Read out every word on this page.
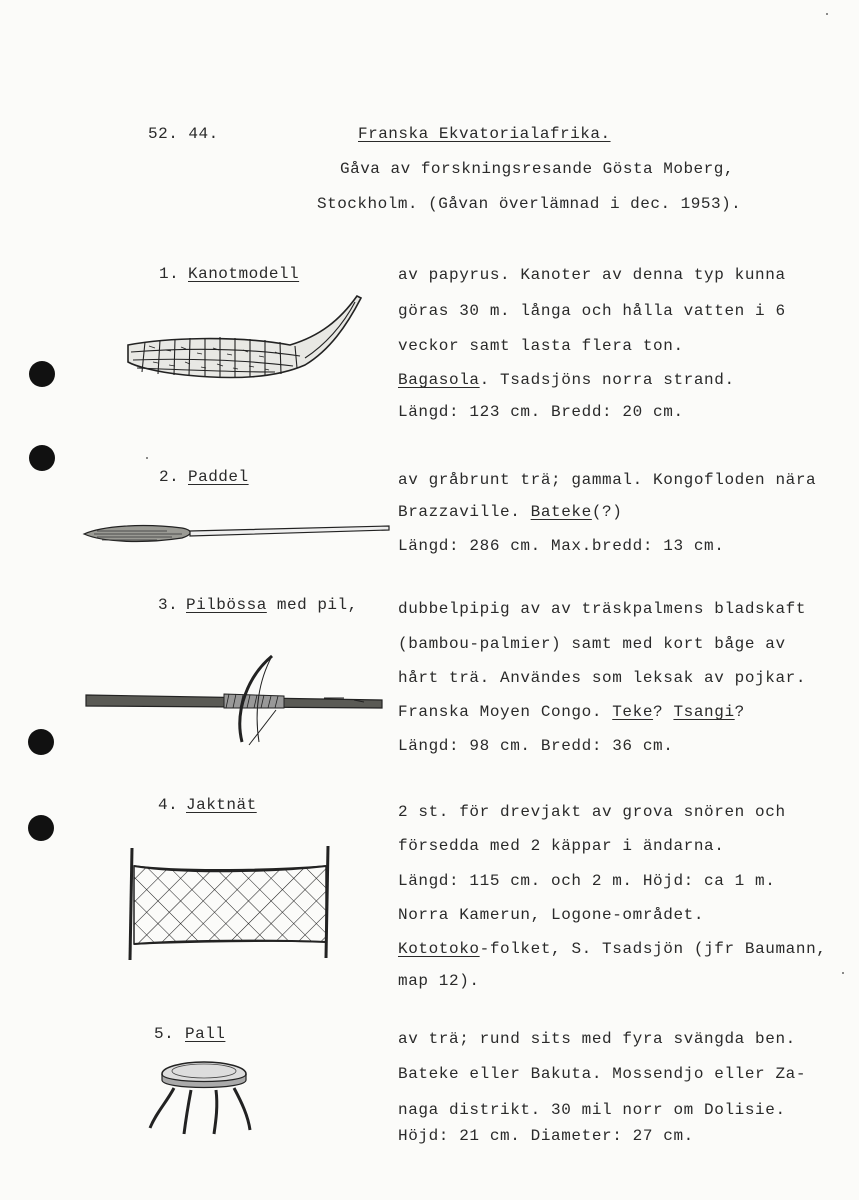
52. 44.	Franska Ekvatorialafrika.
Gåva av forskningsresande Gösta Moberg,
Stockholm. (Gåvan överlämnad i dec. 1953).
1. Kanotmodell	av papyrus. Kanoter av denna typ kunna
göras 30 m. långa och hålla vatten i 6
veckor samt lasta flera ton.
Bagasola. Tsadsjöns norra strand.
Längd: 123 cm. Bredd: 20 cm.
2. Paddel	av gråbrunt trä; gammal. Kongofloden nära
Brazzaville. Bateke(?)
Längd: 286 cm. Max.bredd: 13 cm.
3. Pilbössa med pil,	dubbelpipig av av träskpalmens bladskaft
(bambou-palmier) samt med kort båge av
hårt trä. Användes som leksak av pojkar.
Franska Moyen Congo. Teke? Tsangi?
Längd: 98 cm. Bredd: 36 cm.
4. Jaktnät	2 st. för drevjakt av grova snören och
försedda med 2 käppar i ändarna.
Längd: 115 cm. och 2 m. Höjd: ca 1 m.
Norra Kamerun, Logone-området.
Kototoko-folket, S. Tsadsjön (jfr Baumann,
map 12).
5. Pall	av trä; rund sits med fyra svängda ben.
Bateke eller Bakuta. Mossendjo eller Za-
naga distrikt. 30 mil norr om Dolisie.
Höjd: 21 cm. Diameter: 27 cm.
